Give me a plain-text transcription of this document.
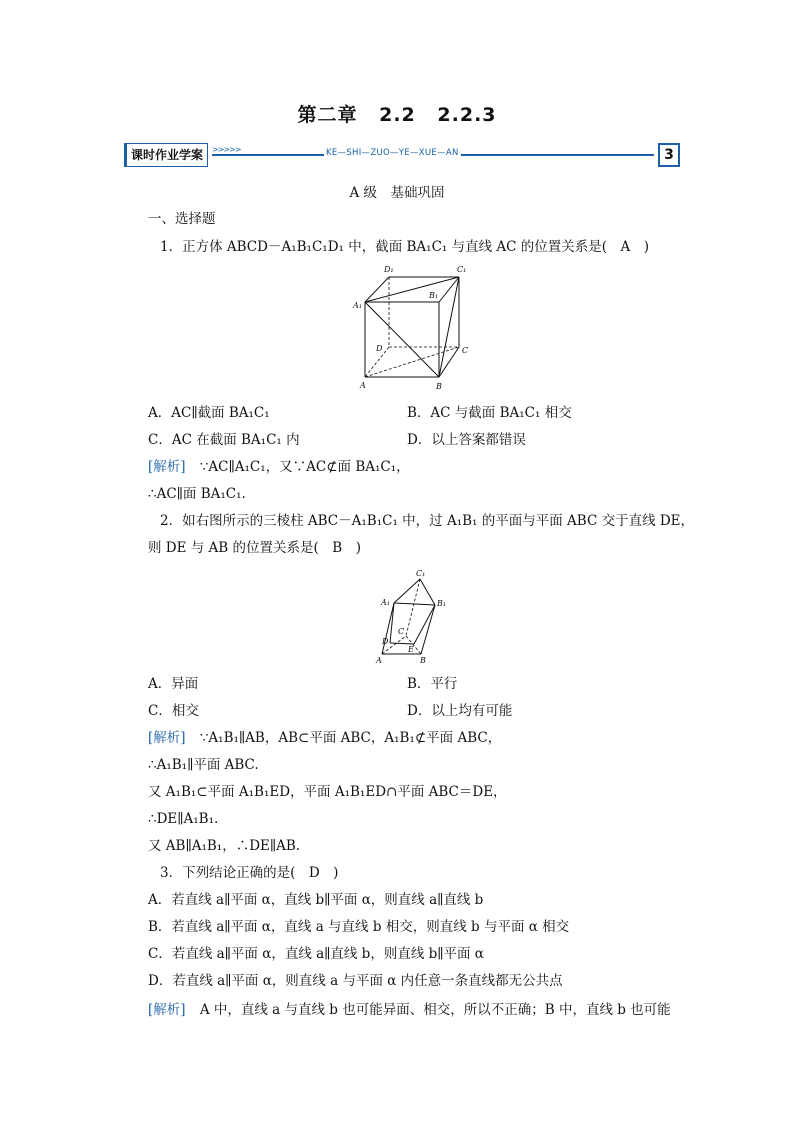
第二章 2.2 2.2.3
课时作业学案	>>>>>	KE—SHI—ZUO—YE—XUE—AN	3
A 级　基础巩固
一、选择题
1．正方体 ABCD－A₁B₁C₁D₁ 中，截面 BA₁C₁ 与直线 AC 的位置关系是(　A　)
D₁	C₁
A₁
B₁
D	C
A	B
A．AC∥截面 BA₁C₁	B．AC 与截面 BA₁C₁ 相交
C．AC 在截面 BA₁C₁ 内	D．以上答案都错误
[解析] ∵AC∥A₁C₁，又∵AC⊄面 BA₁C₁，
∴AC∥面 BA₁C₁.
2．如右图所示的三棱柱 ABC－A₁B₁C₁ 中，过 A₁B₁ 的平面与平面 ABC 交于直线 DE，
则 DE 与 AB 的位置关系是(　B　)
C₁
A₁	B₁
C
D
E
A	B
A．异面	B．平行
C．相交	D．以上均有可能
[解析] ∵A₁B₁∥AB，AB⊂平面 ABC，A₁B₁⊄平面 ABC，
∴A₁B₁∥平面 ABC.
又 A₁B₁⊂平面 A₁B₁ED，平面 A₁B₁ED∩平面 ABC＝DE，
∴DE∥A₁B₁.
又 AB∥A₁B₁，∴DE∥AB.
3．下列结论正确的是(　D　)
A．若直线 a∥平面 α，直线 b∥平面 α，则直线 a∥直线 b
B．若直线 a∥平面 α，直线 a 与直线 b 相交，则直线 b 与平面 α 相交
C．若直线 a∥平面 α，直线 a∥直线 b，则直线 b∥平面 α
D．若直线 a∥平面 α，则直线 a 与平面 α 内任意一条直线都无公共点
[解析] A 中，直线 a 与直线 b 也可能异面、相交，所以不正确；B 中，直线 b 也可能
